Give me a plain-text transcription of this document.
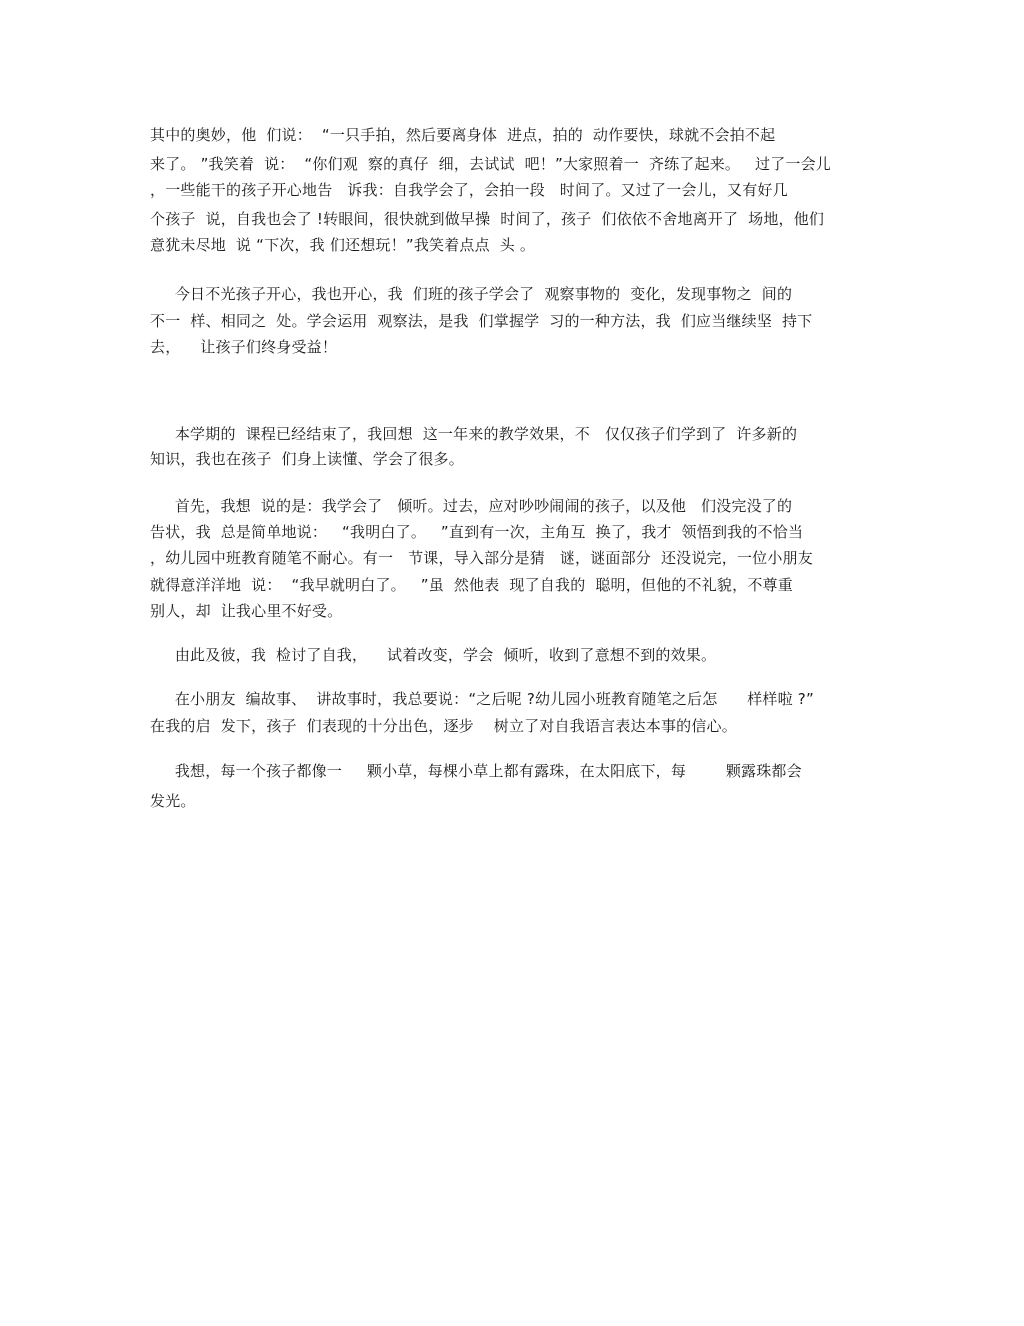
其中的奥妙，他  们说：  “一只手拍，然后要离身体  进点，拍的  动作要快，球就不会拍不起
来了。 ”我笑着  说：  “你们观  察的真仔  细，去试试  吧！”大家照着一  齐练了起来。   过了一会儿
，一些能干的孩子开心地告   诉我：自我学会了，会拍一段   时间了。又过了一会儿，又有好几
个孩子  说，自我也会了 !转眼间，很快就到做早操  时间了，孩子  们依依不舍地离开了  场地，他们
意犹未尽地  说 “下次，我 们还想玩！”我笑着点点  头 。
今日不光孩子开心，我也开心，我  们班的孩子学会了  观察事物的  变化，发现事物之  间的
不一  样、相同之  处。学会运用  观察法，是我  们掌握学  习的一种方法，我  们应当继续坚  持下
去，    让孩子们终身受益！
本学期的  课程已经结束了，我回想  这一年来的教学效果，不   仅仅孩子们学到了  许多新的
知识，我也在孩子  们身上读懂、学会了很多。
首先，我想  说的是：我学会了   倾听。过去，应对吵吵闹闹的孩子，以及他   们没完没了的
告状，我  总是简单地说：   “我明白了。   ”直到有一次，主角互  换了，我才  领悟到我的不恰当
，幼儿园中班教育随笔不耐心。有一   节课，导入部分是猜   谜，谜面部分  还没说完，一位小朋友
就得意洋洋地  说：  “我早就明白了。   ”虽  然他表  现了自我的  聪明，但他的不礼貌，不尊重
别人，却  让我心里不好受。
由此及彼，我  检讨了自我，    试着改变，学会  倾听，收到了意想不到的效果。
在小朋友  编故事、  讲故事时，我总要说：“之后呢 ?幼儿园小班教育随笔之后怎      样样啦 ?”
在我的启  发下，孩子  们表现的十分出色，逐步    树立了对自我语言表达本事的信心。
我想，每一个孩子都像一     颗小草，每棵小草上都有露珠，在太阳底下，每        颗露珠都会
发光。
